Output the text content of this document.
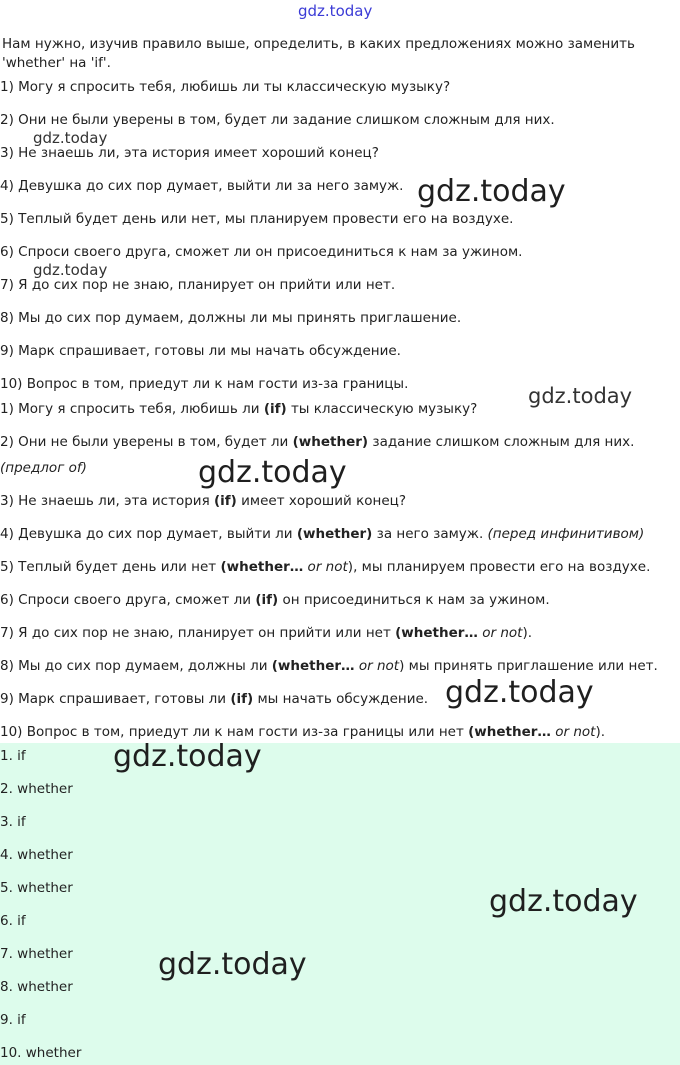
gdz.today
gdz.today
gdz.today
gdz.today
gdz.today
gdz.today
gdz.today
gdz.today
gdz.today
gdz.today
Нам нужно, изучив правило выше, определить, в каких предложениях можно заменить 'whether' на 'if'.
1) Могу я спросить тебя, любишь ли ты классическую музыку?
2) Они не были уверены в том, будет ли задание слишком сложным для них.
3) Не знаешь ли, эта история имеет хороший конец?
4) Девушка до сих пор думает, выйти ли за него замуж.
5) Теплый будет день или нет, мы планируем провести его на воздухе.
6) Спроси своего друга, сможет ли он присоединиться к нам за ужином.
7) Я до сих пор не знаю, планирует он прийти или нет.
8) Мы до сих пор думаем, должны ли мы принять приглашение.
9) Марк спрашивает, готовы ли мы начать обсуждение.
10) Вопрос в том, приедут ли к нам гости из-за границы.
1) Могу я спросить тебя, любишь ли (if) ты классическую музыку?
2) Они не были уверены в том, будет ли (whether) задание слишком сложным для них.
(предлог of)
3) Не знаешь ли, эта история (if) имеет хороший конец?
4) Девушка до сих пор думает, выйти ли (whether) за него замуж. (перед инфинитивом)
5) Теплый будет день или нет (whether… or not), мы планируем провести его на воздухе.
6) Спроси своего друга, сможет ли (if) он присоединиться к нам за ужином.
7) Я до сих пор не знаю, планирует он прийти или нет (whether… or not).
8) Мы до сих пор думаем, должны ли (whether… or not) мы принять приглашение или нет.
9) Марк спрашивает, готовы ли (if) мы начать обсуждение.
10) Вопрос в том, приедут ли к нам гости из-за границы или нет (whether… or not).
1. if
2. whether
3. if
4. whether
5. whether
6. if
7. whether
8. whether
9. if
10. whether
